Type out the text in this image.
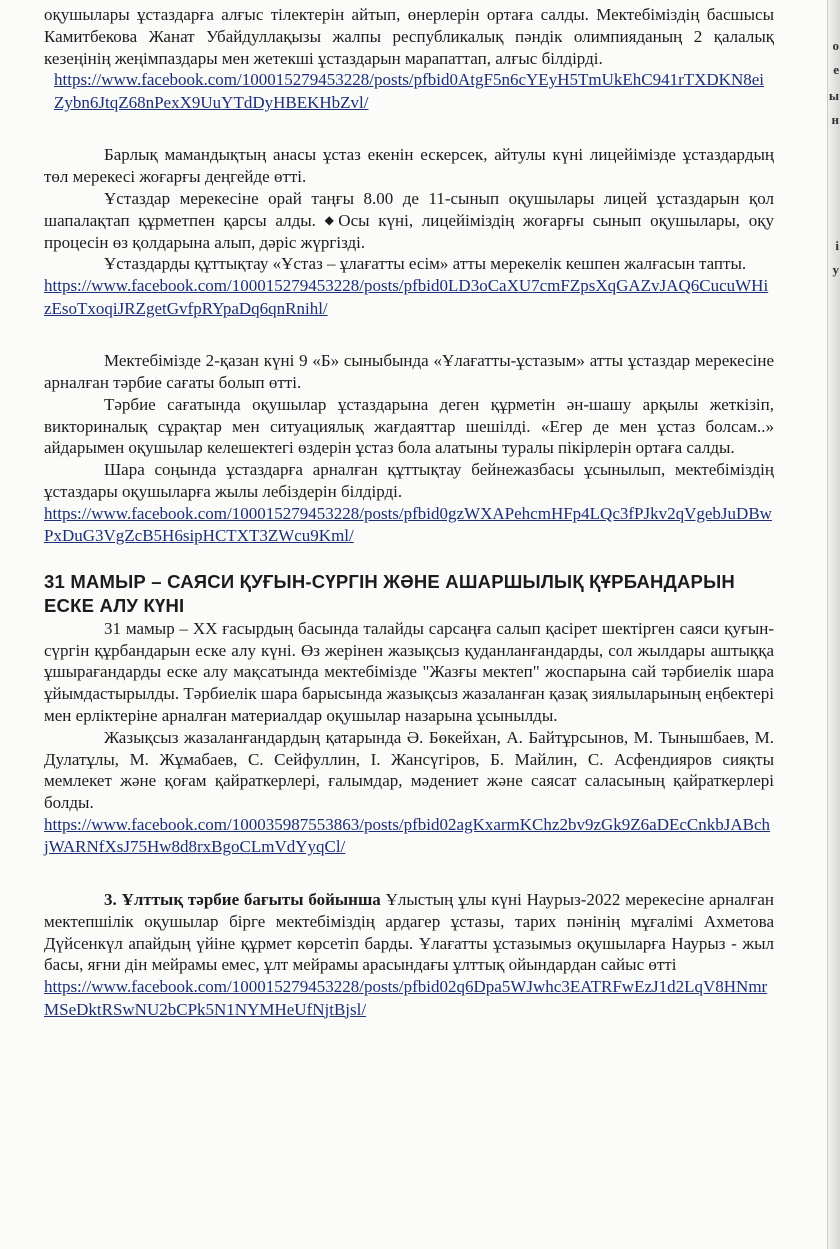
оқушылары ұстаздарға алғыс тілектерін айтып, өнерлерін ортаға салды. Мектебіміздің басшысы Камитбекова Жанат Убайдуллақызы жалпы республикалық пәндік олимпияданың 2 қалалық кезеңінің жеңімпаздары мен жетекші ұстаздарын марапаттап, алғыс білдірді.

https://www.facebook.com/100015279453228/posts/pfbid0AtgF5n6cYEyH5TmUkEhC941rTXDKN8eiZybn6JtqZ68nPexX9UuYTdDyHBEKHbZvl/

Барлық мамандықтың анасы ұстаз екенін ескерсек, айтулы күні лицейімізде ұстаздардың төл мерекесі жоғарғы деңгейде өтті.

Ұстаздар мерекесіне орай таңғы 8.00 де 11-сынып оқушылары лицей ұстаздарын қол шапалақтап құрметпен қарсы алды. ◆Осы күні, лицейіміздің жоғарғы сынып оқушылары, оқу процесін өз қолдарына алып, дәріс жүргізді.

Ұстаздарды құттықтау «Ұстаз – ұлағатты есім» атты мерекелік кешпен жалғасын тапты.

https://www.facebook.com/100015279453228/posts/pfbid0LD3oCaXU7cmFZpsXqGAZvJAQ6CucuWHizEsoTxoqiJRZgetGvfpRYpaDq6qnRnihl/

Мектебімізде 2-қазан күні 9 «Б» сыныбында «Ұлағатты-ұстазым» атты ұстаздар мерекесіне арналған тәрбие сағаты болып өтті.

Тәрбие сағатында оқушылар ұстаздарына деген құрметін ән-шашу арқылы жеткізіп, викториналық сұрақтар мен ситуациялық жағдаяттар шешілді. «Егер де мен ұстаз болсам..» айдарымен оқушылар келешектегі өздерін ұстаз бола алатыны туралы пікірлерін ортаға салды.

Шара соңында ұстаздарға арналған құттықтау бейнежазбасы ұсынылып, мектебіміздің ұстаздары оқушыларға жылы лебіздерін білдірді.

https://www.facebook.com/100015279453228/posts/pfbid0gzWXAPehcmHFp4LQc3fPJkv2qVgebJuDBwPxDuG3VgZcB5H6sipHCTXT3ZWcu9Kml/
31 МАМЫР – САЯСИ ҚУҒЫН-СҮРГІН ЖӘНЕ АШАРШЫЛЫҚ ҚҰРБАНДАРЫН ЕСКЕ АЛУ КҮНІ

31 мамыр – ХХ ғасырдың басында талайды сарсаңға салып қасірет шектірген саяси қуғын-сүргін құрбандарын еске алу күні. Өз жерінен жазықсыз қуданланғандарды, сол жылдары аштыққа ұшырағандарды еске алу мақсатында мектебімізде "Жазғы мектеп" жоспарына сай тәрбиелік шара ұйымдастырылды. Тәрбиелік шара барысында жазықсыз жазаланған қазақ зиялыларының еңбектері мен ерліктеріне арналған материалдар оқушылар назарына ұсынылды.

Жазықсыз жазаланғандардың қатарында Ә. Бөкейхан, А. Байтұрсынов, М. Тынышбаев, М. Дулатұлы, М. Жұмабаев, С. Сейфуллин, І. Жансүгіров, Б. Майлин, С. Асфендияров сияқты мемлекет және қоғам қайраткерлері, ғалымдар, мәдениет және саясат саласының қайраткерлері болды.

https://www.facebook.com/100035987553863/posts/pfbid02agKxarmKChz2bv9zGk9Z6aDEcCnkbJABchjWARNfXsJ75Hw8d8rxBgoCLmVdYyqCl/

3. Ұлттық тәрбие бағыты бойынша Ұлыстың ұлы күні Наурыз-2022 мерекесіне арналған мектепшілік оқушылар бірге мектебіміздің ардагер ұстазы, тарих пәнінің мұғалімі Ахметова Дүйсенкүл апайдың үйіне құрмет көрсетіп барды. Ұлағатты ұстазымыз оқушыларға Наурыз - жыл басы, яғни дін мейрамы емес, ұлт мейрамы арасындағы ұлттық ойындардан сайыс өтті

https://www.facebook.com/100015279453228/posts/pfbid02q6Dpa5WJwhc3EATRFwEzJ1d2LqV8HNmrMSeDktRSwNU2bCPk5N1NYMHeUfNjtBjsl/
о
е
ы
н
і
у
